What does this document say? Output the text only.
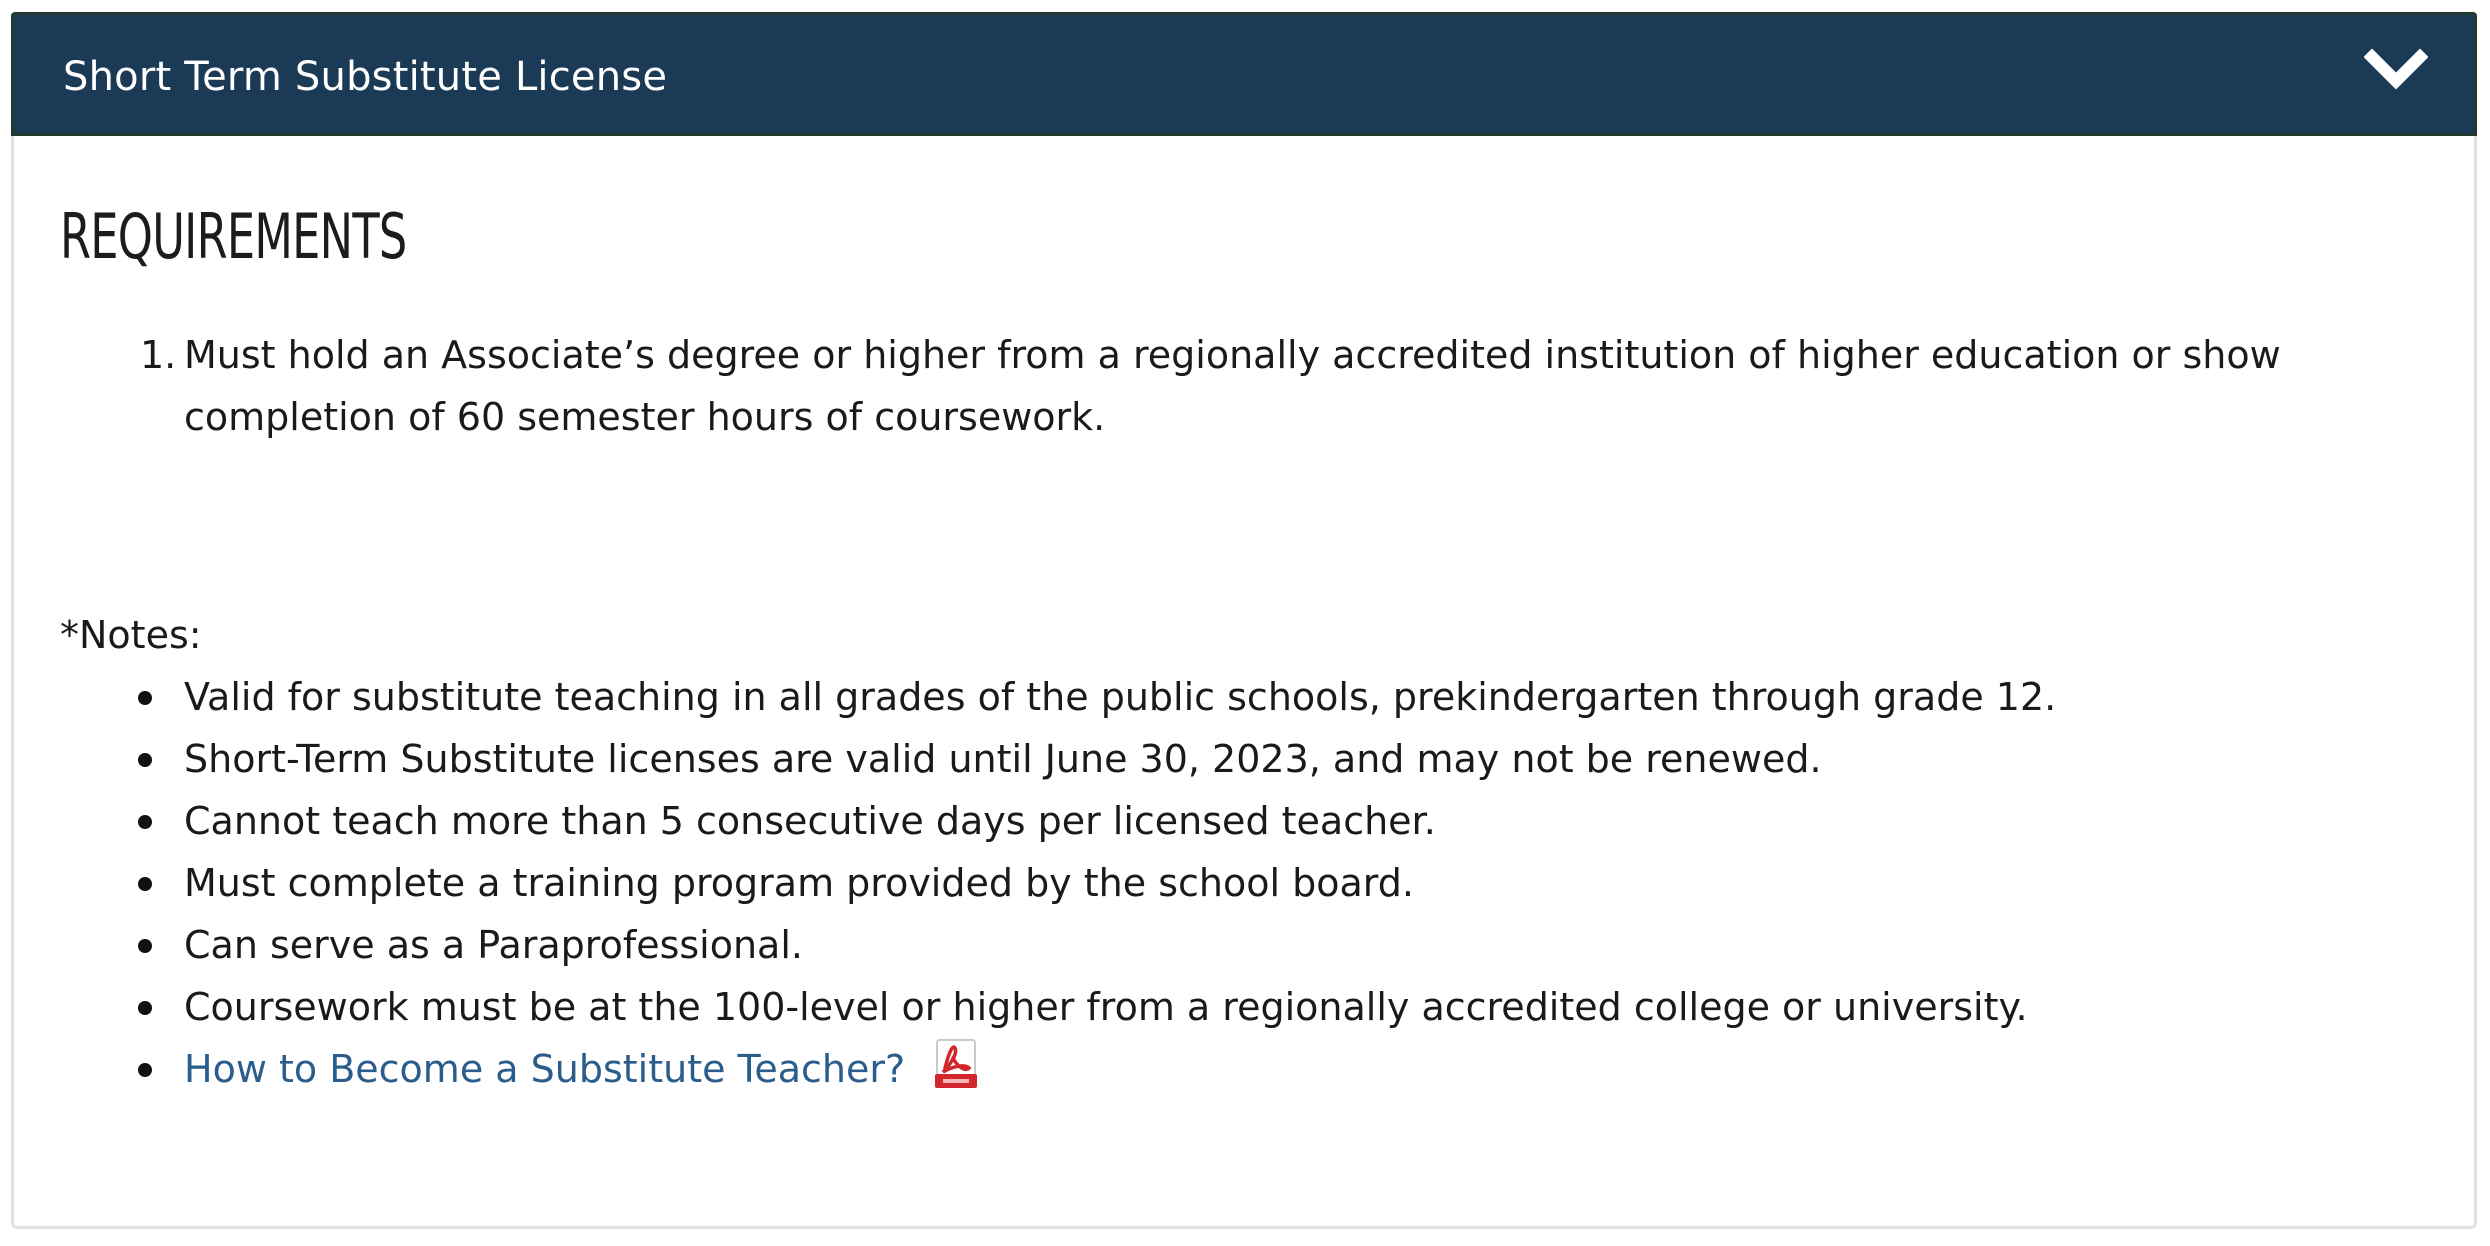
Short Term Substitute License
REQUIREMENTS
1. Must hold an Associate’s degree or higher from a regionally accredited institution of higher education or show completion of 60 semester hours of coursework.
*Notes:
Valid for substitute teaching in all grades of the public schools, prekindergarten through grade 12.
Short-Term Substitute licenses are valid until June 30, 2023, and may not be renewed.
Cannot teach more than 5 consecutive days per licensed teacher.
Must complete a training program provided by the school board.
Can serve as a Paraprofessional.
Coursework must be at the 100-level or higher from a regionally accredited college or university.
How to Become a Substitute Teacher?
